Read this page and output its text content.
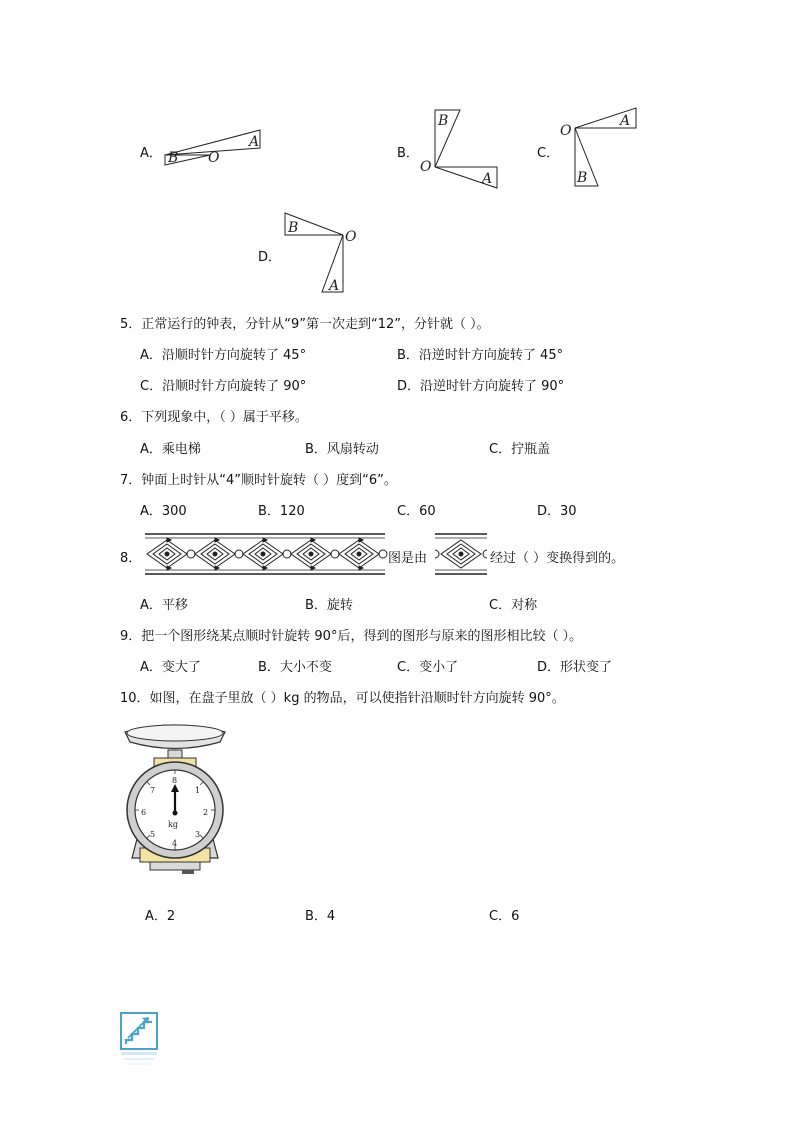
A． B O
A
B．
B
O
A
C．
O
A
B
D．
B
O
A
5．正常运行的钟表，分针从“9”第一次走到“12”，分针就（ ）。
A．沿顺时针方向旋转了 45°	B．沿逆时针方向旋转了 45°
C．沿顺时针方向旋转了 90°	D．沿逆时针方向旋转了 90°
6．下列现象中，（ ）属于平移。
A．乘电梯	B．风扇转动	C．拧瓶盖
7．钟面上时针从“4”顺时针旋转（ ）度到“6”。
A．300	B．120	C．60	D．30
8．	图是由	经过（ ）变换得到的。
A．平移	B．旋转	C．对称
9．把一个图形绕某点顺时针旋转 90°后，得到的图形与原来的图形相比较（ ）。
A．变大了	B．大小不变	C．变小了	D．形状变了
10．如图，在盘子里放（ ）kg 的物品，可以使指针沿顺时针方向旋转 90°。
8
1
2
3
4
5
6
7
kg
A．2	B．4	C．6
